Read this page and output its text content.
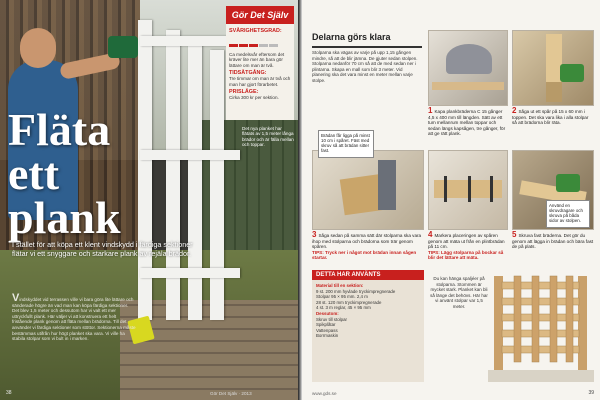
Gör Det Själv
SVÅRIGHETSGRAD:
Ca medelsvår eftersom det kräver lite mer än bara gör lättare om man är två.
TIDSÅTGÅNG:
Tre timmar om man är två och man har gjort förarbetet.
PRISLÄGE:
Cirka 300 kr per sektion.
Fläta
ett
plank
Det nya planket har flätats av 1,5 meter långa brädor och är fälla mellan och toppar.
I stället för att köpa ett klent vindskydd i färdiga sektioner flätar vi ett snyggare och starkare plank av rejäla brädor.
Vindskyddet vid terrassen ville vi bara göra lite lättare och sänderade högre än vad man kan köpa färdiga sektioner. Det blev 1,5 meter och dessutom har vi valt ett mer uttryckfullt plank. Här väljer vi att konstruera ett helt fristående plank genom att fläta mellan brädorna. Till det använder vi färdiga sektioner som stöttor. Sektionerna måste bestämmas utifrån hur högt planket ska vara. Vi ville ha stabila stolpar som vi bult in i marken.
38	Gör Det Själv · 2013
Delarna görs klara
Stolparna ska vägas av varje på upp 1,15 gången mindre, så att de blir jämna. De gjuter sedan stolpen. Stolparna nedanför 70 cm så att de med sedan ner i plintarna. Skapa en mall som blir 3 meter. Vid planering ska det vara minst en meter mellan varje stolpe.
1 Kapa plankbräderna C 15 gånger 4,5 x 400 mm till längden. Sätt av ett tum mellanrum mellan toppar och sedan längs kapsågen, tre gånger, för att ge rätt plank.
2 Såga ut ett spår på 15 x 60 mm i toppen. Det ska vara lika i alla stolpar så att brädorna blir räta.
Brädan får ligga på minst 10 cm i spåret. Fäst med skruv så att brädan sitter fast.
Använd en skruvdragare och skruva på båda sidor av stolpen.
3 Såga sedan på samma sätt där stolparna ska vara ihop med stolparna och brädorna som trär genom spåren.
TIPS: Tryck ner i något mot brädan innan sågen startar.
4 Markera placeringen av spåren genom att mäta ut från en plintbrädan på 11 cm.
TIPS: Lägg stolparna på bockar så blir det lättare att mäta.
5 Skruva fast bräderna. Det gör du genom att lägga in brädan och bära fast de på plats.
DETTA HAR ANVÄNTS
Material till en sektion:
9 st. 200 mm hyvlade tryckimpregnerade
Stolpar 95 × 95 mm. 2,4 m
28 st. 120 mm tryckimpregnerade
4 st. 3 m reglar, 45 × 95 mm
Dessutom:
Skruv till stolpar
Spikplåtar
Vattenpass
Borrmaskin
Du kan hänga spaljéer på stolparna. Stommen är mycket stark. Planket kan bli så länge det behövs. Här har vi använt stolpar var 1,5 meter.
www.gds.se	39
